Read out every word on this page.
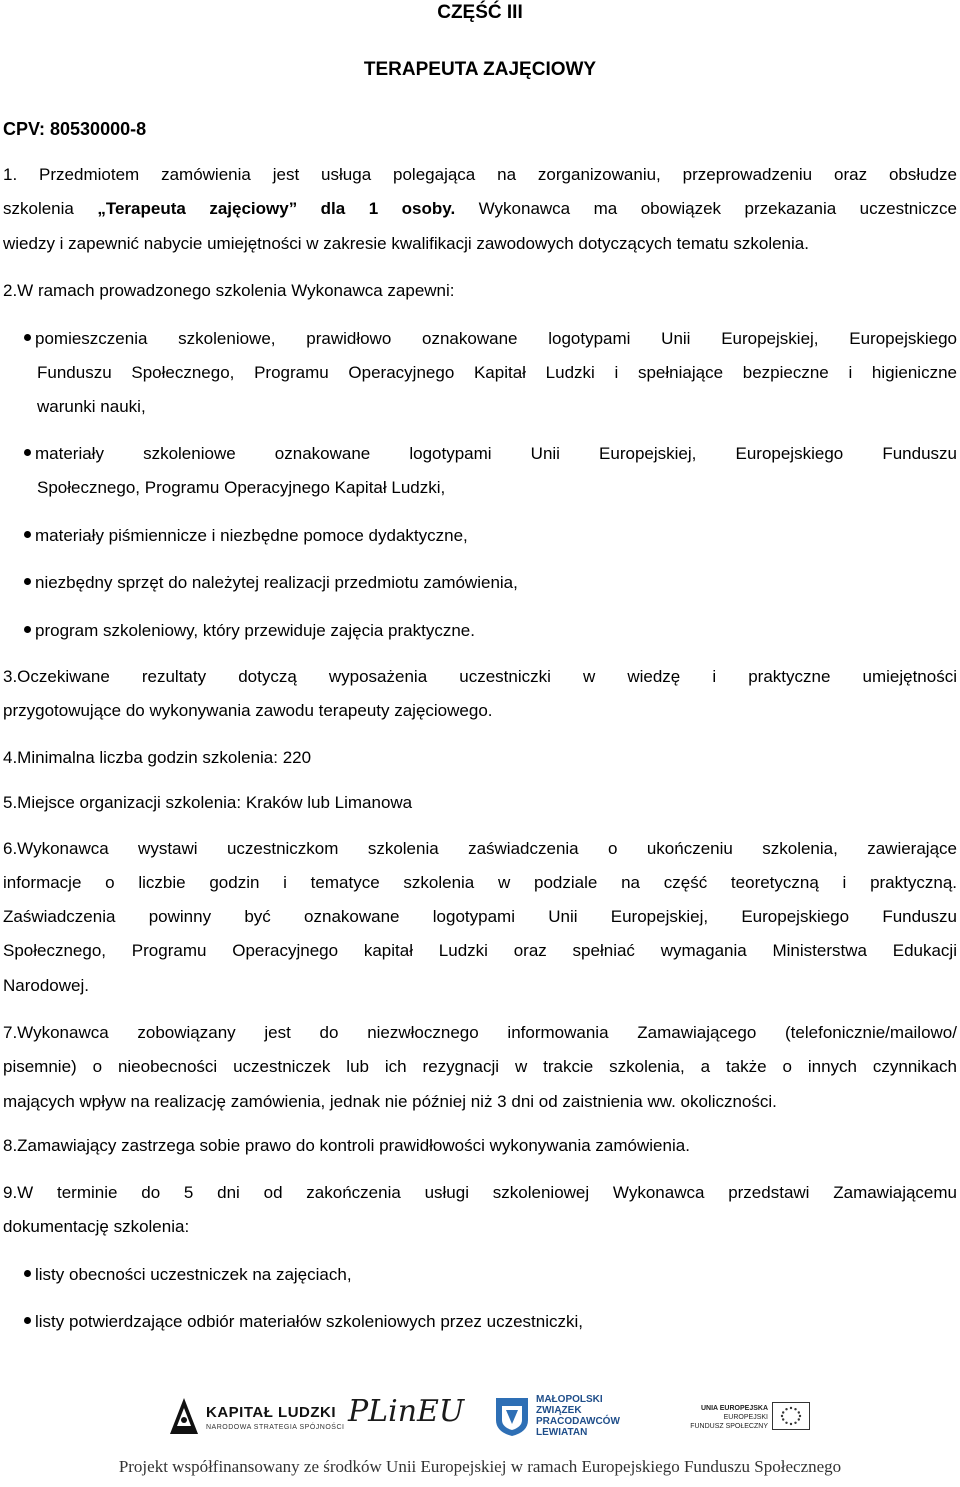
CZĘŚĆ III
TERAPEUTA ZAJĘCIOWY
CPV: 80530000-8
1. Przedmiotem zamówienia jest usługa polegająca na zorganizowaniu, przeprowadzeniu oraz obsłudze
szkolenia „Terapeuta zajęciowy” dla 1 osoby. Wykonawca ma obowiązek przekazania uczestniczce
wiedzy i zapewnić nabycie umiejętności w zakresie kwalifikacji zawodowych dotyczących tematu szkolenia.
2.W ramach prowadzonego szkolenia Wykonawca zapewni:
pomieszczenia szkoleniowe, prawidłowo oznakowane logotypami Unii Europejskiej, Europejskiego
Funduszu Społecznego, Programu Operacyjnego Kapitał Ludzki i spełniające bezpieczne i higieniczne
warunki nauki,
materiały szkoleniowe oznakowane logotypami Unii Europejskiej, Europejskiego Funduszu
Społecznego, Programu Operacyjnego Kapitał Ludzki,
materiały piśmiennicze i niezbędne pomoce dydaktyczne,
niezbędny sprzęt do należytej realizacji przedmiotu zamówienia,
program szkoleniowy, który przewiduje zajęcia praktyczne.
3.Oczekiwane rezultaty dotyczą wyposażenia uczestniczki w wiedzę i praktyczne umiejętności
przygotowujące do wykonywania zawodu terapeuty zajęciowego.
4.Minimalna liczba godzin szkolenia: 220
5.Miejsce organizacji szkolenia: Kraków lub Limanowa
6.Wykonawca wystawi uczestniczkom szkolenia zaświadczenia o ukończeniu szkolenia, zawierające
informacje o liczbie godzin i tematyce szkolenia w podziale na część teoretyczną i praktyczną.
Zaświadczenia powinny być oznakowane logotypami Unii Europejskiej, Europejskiego Funduszu
Społecznego, Programu Operacyjnego kapitał Ludzki oraz spełniać wymagania Ministerstwa Edukacji
Narodowej.
7.Wykonawca zobowiązany jest do niezwłocznego informowania Zamawiającego (telefonicznie/mailowo/
pisemnie) o nieobecności uczestniczek lub ich rezygnacji w trakcie szkolenia, a także o innych czynnikach
mających wpływ na realizację zamówienia, jednak nie później niż 3 dni od zaistnienia ww. okoliczności.
8.Zamawiający zastrzega sobie prawo do kontroli prawidłowości wykonywania zamówienia.
9.W terminie do 5 dni od zakończenia usługi szkoleniowej Wykonawca przedstawi Zamawiającemu
dokumentację szkolenia:
listy obecności uczestniczek na zajęciach,
listy potwierdzające odbiór materiałów szkoleniowych przez uczestniczki,
KAPITAŁ LUDZKI
NARODOWA STRATEGIA SPÓJNOŚCI PLinEU	MAŁOPOLSKI
ZWIĄZEK
PRACODAWCÓW
LEWIATAN
UNIA EUROPEJSKA
EUROPEJSKI
FUNDUSZ SPOŁECZNY
Projekt współfinansowany ze środków Unii Europejskiej w ramach Europejskiego Funduszu Społecznego
